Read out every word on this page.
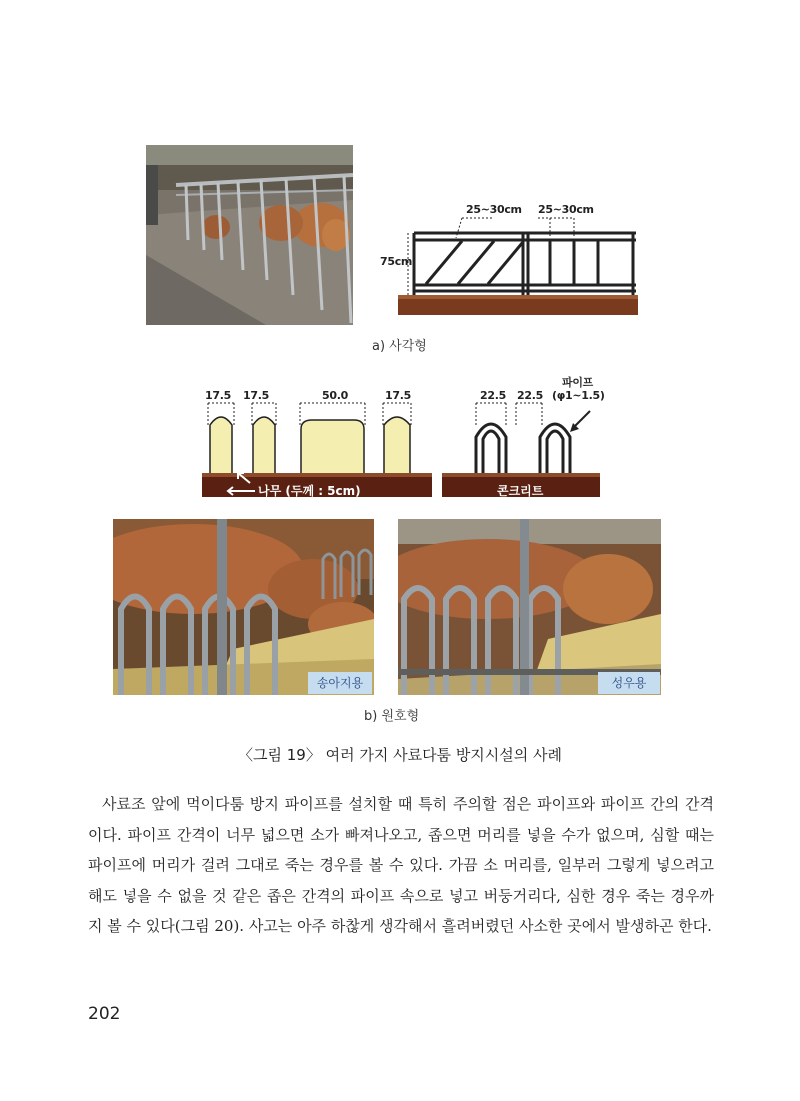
25~30cm 25~30cm
75cm
a) 사각형
17.5 17.5	50.0	17.5
나무 (두께 : 5cm)
22.5 22.5
파이프
(φ1~1.5)
콘크리트
송아지용	성우용
b) 원호형
〈그림 19〉 여러 가지 사료다툼 방지시설의 사례
사료조 앞에 먹이다툼 방지 파이프를 설치할 때 특히 주의할 점은 파이프와 파이프 간의 간격이다. 파이프 간격이 너무 넓으면 소가 빠져나오고, 좁으면 머리를 넣을 수가 없으며, 심할 때는 파이프에 머리가 걸려 그대로 죽는 경우를 볼 수 있다. 가끔 소 머리를, 일부러 그렇게 넣으려고 해도 넣을 수 없을 것 같은 좁은 간격의 파이프 속으로 넣고 버둥거리다, 심한 경우 죽는 경우까지 볼 수 있다(그림 20). 사고는 아주 하찮게 생각해서 흘려버렸던 사소한 곳에서 발생하곤 한다.
202
